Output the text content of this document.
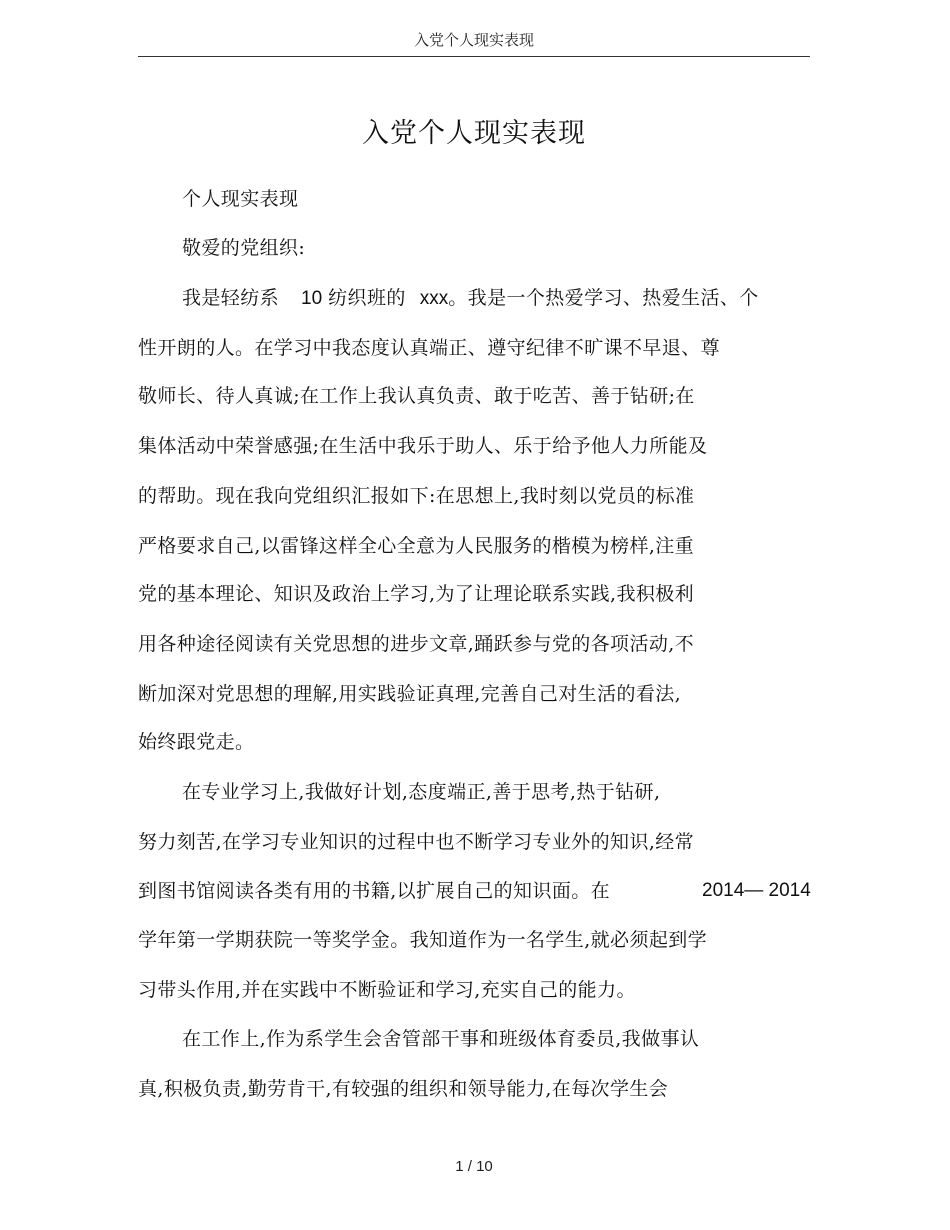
入党个人现实表现
入党个人现实表现
个人现实表现
敬爱的党组织:
我是轻纺系 10 纺织班的 xxx。我是一个热爱学习、热爱生活、个
性开朗的人。在学习中我态度认真端正、遵守纪律不旷课不早退、尊
敬师长、待人真诚;在工作上我认真负责、敢于吃苦、善于钻研;在
集体活动中荣誉感强;在生活中我乐于助人、乐于给予他人力所能及
的帮助。现在我向党组织汇报如下:在思想上,我时刻以党员的标准
严格要求自己,以雷锋这样全心全意为人民服务的楷模为榜样,注重
党的基本理论、知识及政治上学习,为了让理论联系实践,我积极利
用各种途径阅读有关党思想的进步文章,踊跃参与党的各项活动,不
断加深对党思想的理解,用实践验证真理,完善自己对生活的看法,
始终跟党走。
在专业学习上,我做好计划,态度端正,善于思考,热于钻研,
努力刻苦,在学习专业知识的过程中也不断学习专业外的知识,经常
到图书馆阅读各类有用的书籍,以扩展自己的知识面。在	2014— 2014
学年第一学期获院一等奖学金。我知道作为一名学生,就必须起到学
习带头作用,并在实践中不断验证和学习,充实自己的能力。
在工作上,作为系学生会舍管部干事和班级体育委员,我做事认
真,积极负责,勤劳肯干,有较强的组织和领导能力,在每次学生会
1 / 10
